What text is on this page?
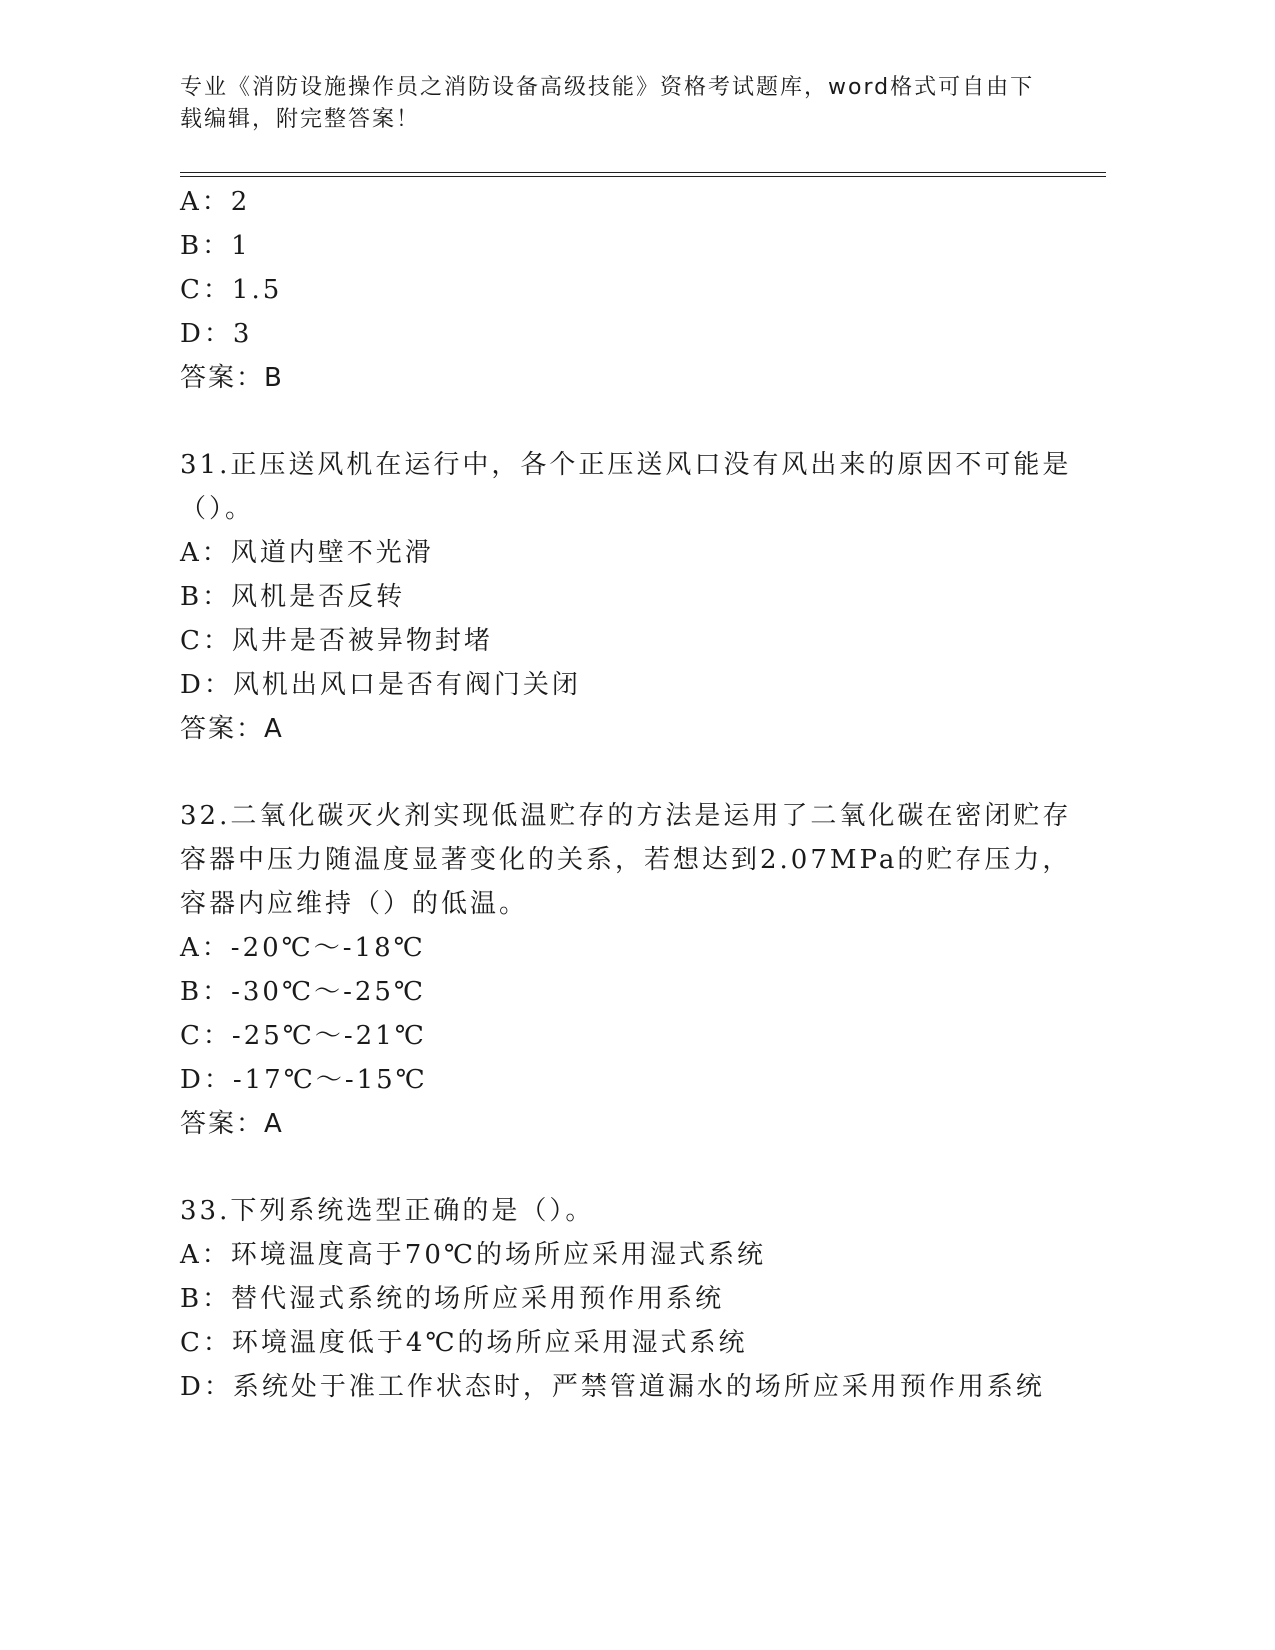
专业《消防设施操作员之消防设备高级技能》资格考试题库，word格式可自由下
载编辑，附完整答案！
A：2
B：1
C：1.5
D：3
答案：B
31.正压送风机在运行中，各个正压送风口没有风出来的原因不可能是
（）。
A：风道内壁不光滑
B：风机是否反转
C：风井是否被异物封堵
D：风机出风口是否有阀门关闭
答案：A
32.二氧化碳灭火剂实现低温贮存的方法是运用了二氧化碳在密闭贮存
容器中压力随温度显著变化的关系，若想达到2.07MPa的贮存压力，
容器内应维持（）的低温。
A：-20℃～-18℃
B：-30℃～-25℃
C：-25℃～-21℃
D：-17℃～-15℃
答案：A
33.下列系统选型正确的是（）。
A：环境温度高于70℃的场所应采用湿式系统
B：替代湿式系统的场所应采用预作用系统
C：环境温度低于4℃的场所应采用湿式系统
D：系统处于准工作状态时，严禁管道漏水的场所应采用预作用系统
